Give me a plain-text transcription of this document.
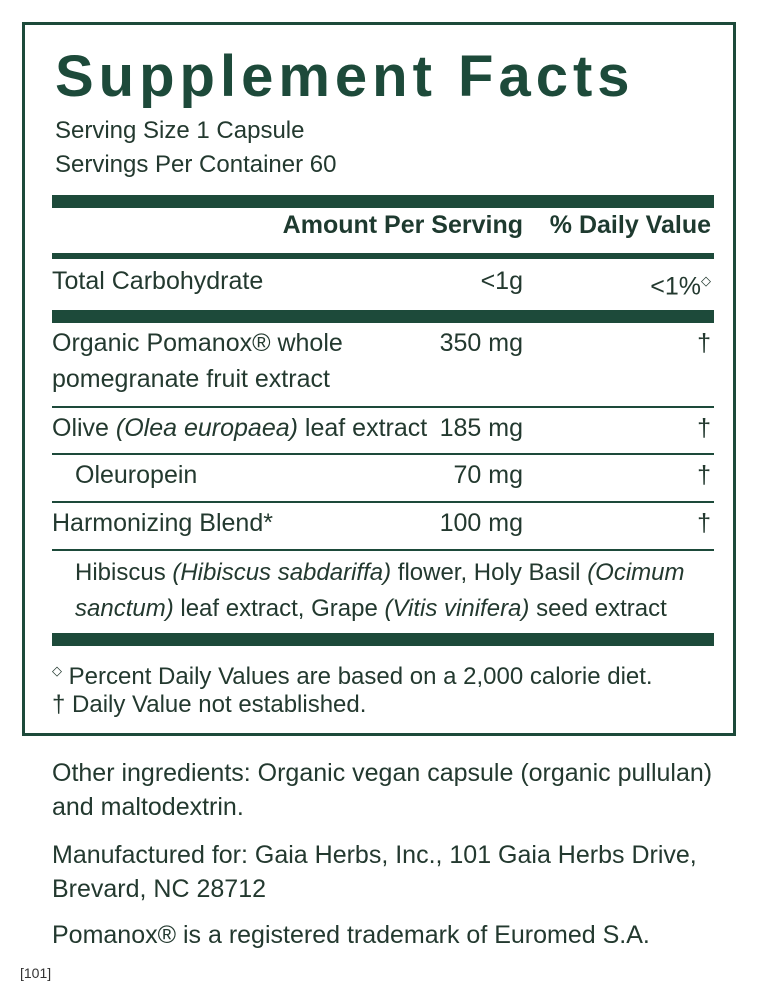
Supplement Facts
Serving Size 1 Capsule
Servings Per Container 60
Amount Per Serving	% Daily Value
Total Carbohydrate	<1g	<1%◇
Organic Pomanox® whole
pomegranate fruit extract
350 mg	†
Olive (Olea europaea) leaf extract 185 mg	†
Oleuropein	70 mg	†
Harmonizing Blend*	100 mg	†
Hibiscus (Hibiscus sabdariffa) flower, Holy Basil (Ocimum
sanctum) leaf extract, Grape (Vitis vinifera) seed extract
◇ Percent Daily Values are based on a 2,000 calorie diet.
† Daily Value not established.
Other ingredients: Organic vegan capsule (organic pullulan)
and maltodextrin.
Manufactured for: Gaia Herbs, Inc., 101 Gaia Herbs Drive,
Brevard, NC 28712
Pomanox® is a registered trademark of Euromed S.A.
[101]
